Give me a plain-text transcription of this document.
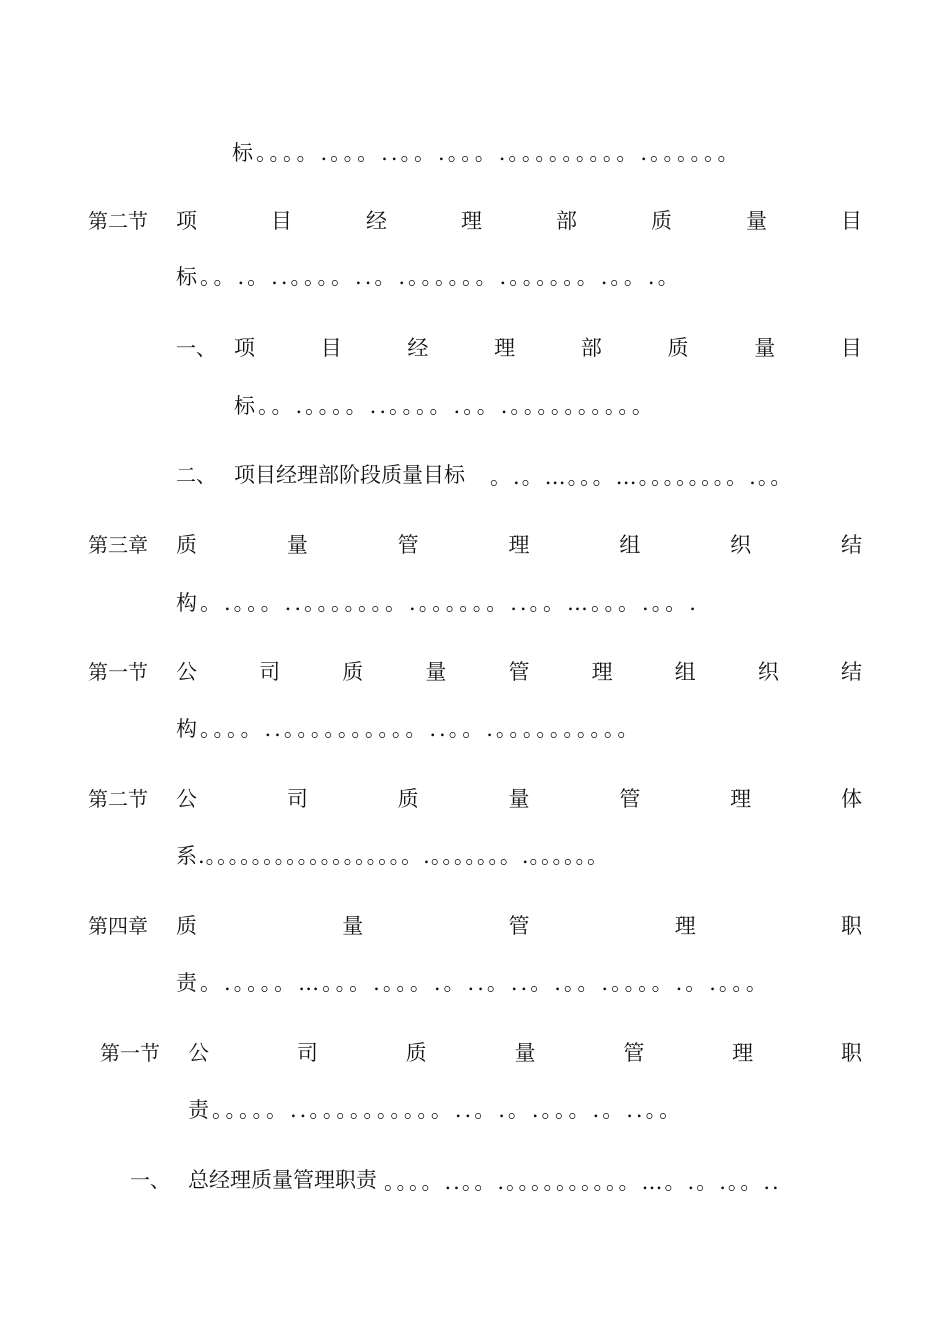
标。。。。.。。。..。。.。。。.。。。。。。。。。.。。。。。。
第二节 项	目	经	理	部	质	量	目
标。。.。..。。。。..。.。。。。。。.。。。。。。.。。.。
一、 项	目	经	理	部	质	量	目
标。。.。。。。..。。。。.。。.。。。。。。。。。。
二、 项目经理部阶段质量目标 。.。…。。。…。。。。。。。。.。。
第三章 质	量	管	理	组	织	结
构。.。。。..。。。。。。。.。。。。。。..。。…。。。.。。.
第一节 公	司	质	量	管	理	组	织	结
构。。。。..。。。。。。。。。。..。。.。。。。。。。。。。
第二节 公	司	质	量	管	理	体
系.。。。。。。。。。。。。。。。。。。.。。。。。。。.。。。。。。
第四章 质	量	管	理	职
责。.。。。。…。。。.。。。.。..。..。.。。.。。。。.。.。。。
第一节 公	司	质	量	管	理	职
责。。。。。..。。。。。。。。。。..。.。.。。。.。..。。
一、 总经理质量管理职责 。。。。..。。.。。。。。。。。。。…。.。.。。..
